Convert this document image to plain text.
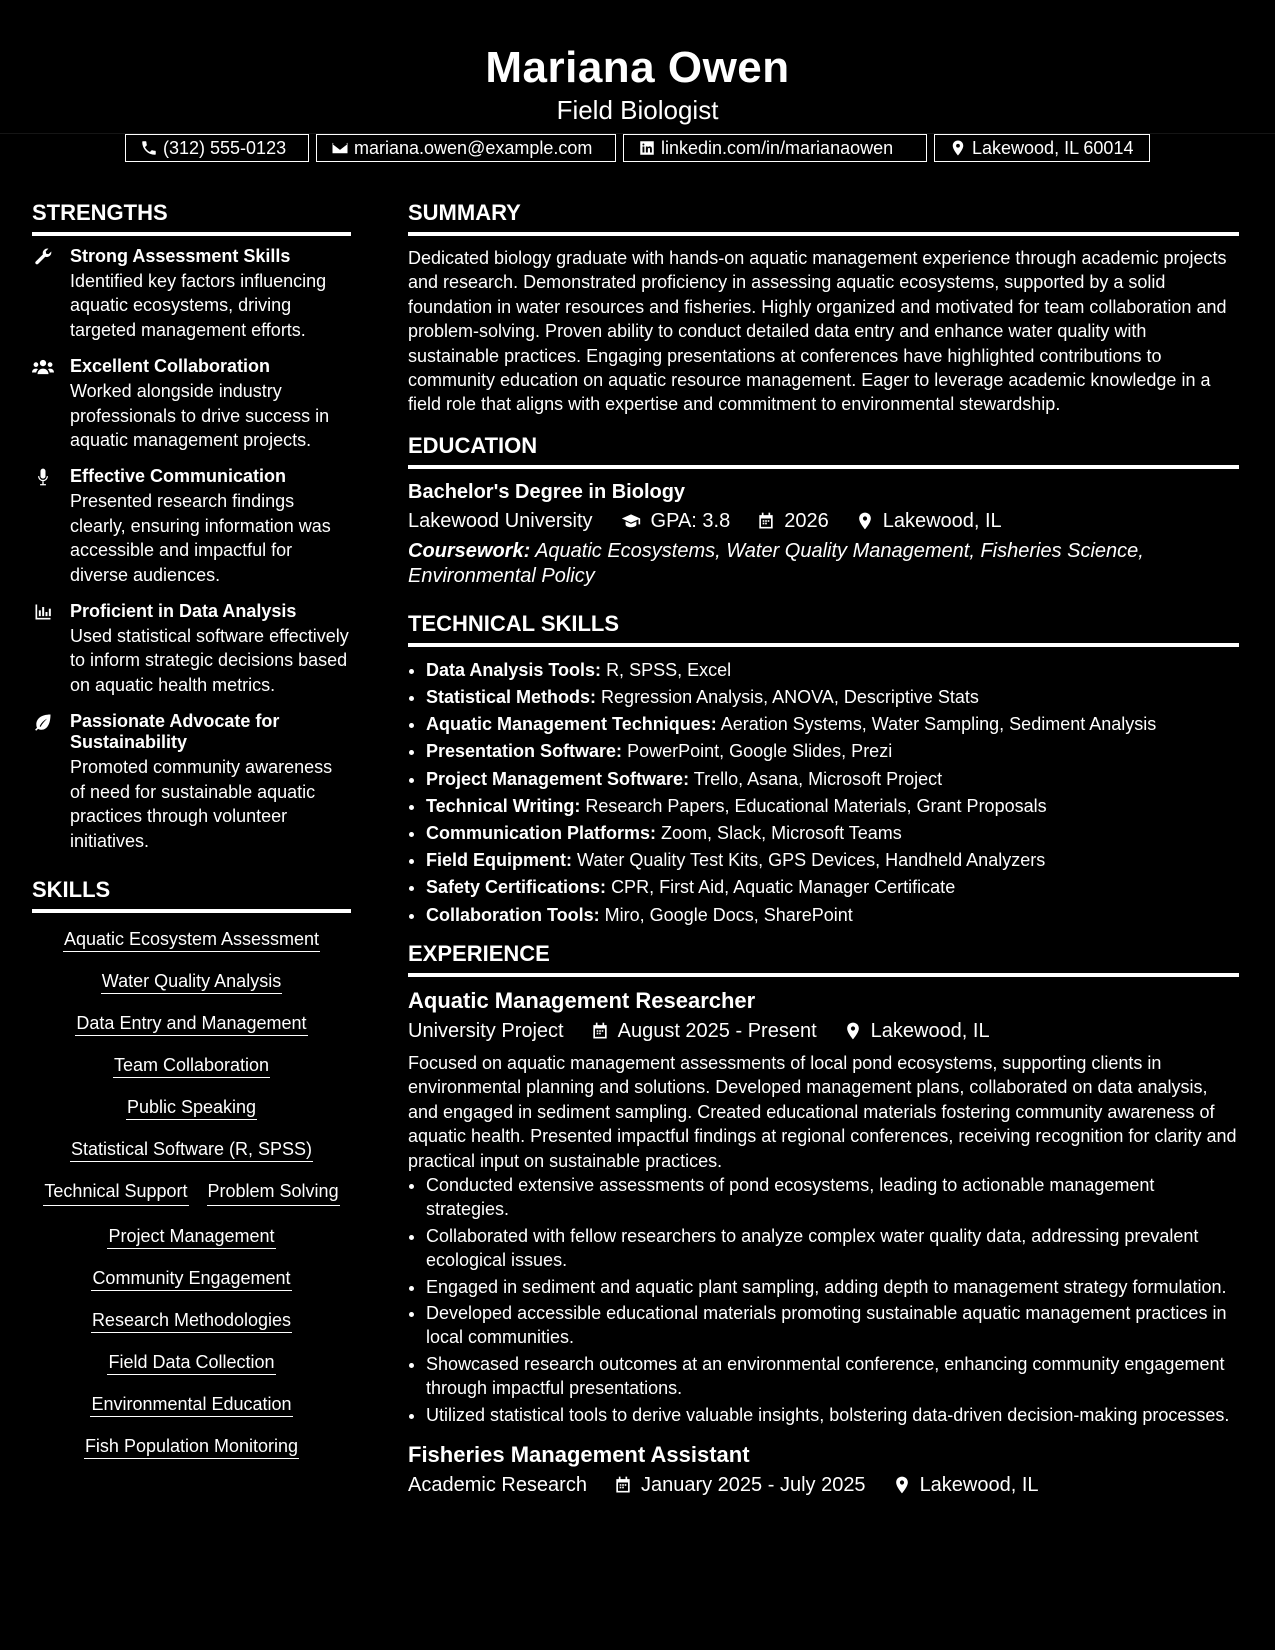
Mariana Owen
Field Biologist
(312) 555-0123	mariana.owen@example.com	linkedin.com/in/marianaowen	Lakewood, IL 60014
STRENGTHS
Strong Assessment Skills
Identified key factors influencing aquatic ecosystems, driving targeted management efforts.
Excellent Collaboration
Worked alongside industry professionals to drive success in aquatic management projects.
Effective Communication
Presented research findings clearly, ensuring information was accessible and impactful for diverse audiences.
Proficient in Data Analysis
Used statistical software effectively to inform strategic decisions based on aquatic health metrics.
Passionate Advocate for Sustainability
Promoted community awareness of need for sustainable aquatic practices through volunteer initiatives.
SKILLS
Aquatic Ecosystem Assessment
Water Quality Analysis
Data Entry and Management
Team Collaboration
Public Speaking
Statistical Software (R, SPSS)
Technical Support Problem Solving
Project Management
Community Engagement
Research Methodologies
Field Data Collection
Environmental Education
Fish Population Monitoring
SUMMARY
Dedicated biology graduate with hands-on aquatic management experience through academic projects and research. Demonstrated proficiency in assessing aquatic ecosystems, supported by a solid foundation in water resources and fisheries. Highly organized and motivated for team collaboration and problem-solving. Proven ability to conduct detailed data entry and enhance water quality with sustainable practices. Engaging presentations at conferences have highlighted contributions to community education on aquatic resource management. Eager to leverage academic knowledge in a field role that aligns with expertise and commitment to environmental stewardship.
EDUCATION
Bachelor's Degree in Biology
Lakewood University	GPA: 3.8	2026	Lakewood, IL
Coursework: Aquatic Ecosystems, Water Quality Management, Fisheries Science, Environmental Policy
TECHNICAL SKILLS
• Data Analysis Tools: R, SPSS, Excel
• Statistical Methods: Regression Analysis, ANOVA, Descriptive Stats
• Aquatic Management Techniques: Aeration Systems, Water Sampling, Sediment Analysis
• Presentation Software: PowerPoint, Google Slides, Prezi
• Project Management Software: Trello, Asana, Microsoft Project
• Technical Writing: Research Papers, Educational Materials, Grant Proposals
• Communication Platforms: Zoom, Slack, Microsoft Teams
• Field Equipment: Water Quality Test Kits, GPS Devices, Handheld Analyzers
• Safety Certifications: CPR, First Aid, Aquatic Manager Certificate
• Collaboration Tools: Miro, Google Docs, SharePoint
EXPERIENCE
Aquatic Management Researcher
University Project	August 2025 - Present	Lakewood, IL
Focused on aquatic management assessments of local pond ecosystems, supporting clients in environmental planning and solutions. Developed management plans, collaborated on data analysis, and engaged in sediment sampling. Created educational materials fostering community awareness of aquatic health. Presented impactful findings at regional conferences, receiving recognition for clarity and practical input on sustainable practices.
• Conducted extensive assessments of pond ecosystems, leading to actionable management strategies.
• Collaborated with fellow researchers to analyze complex water quality data, addressing prevalent ecological issues.
• Engaged in sediment and aquatic plant sampling, adding depth to management strategy formulation.
• Developed accessible educational materials promoting sustainable aquatic management practices in local communities.
• Showcased research outcomes at an environmental conference, enhancing community engagement through impactful presentations.
• Utilized statistical tools to derive valuable insights, bolstering data-driven decision-making processes.
Fisheries Management Assistant
Academic Research	January 2025 - July 2025	Lakewood, IL
